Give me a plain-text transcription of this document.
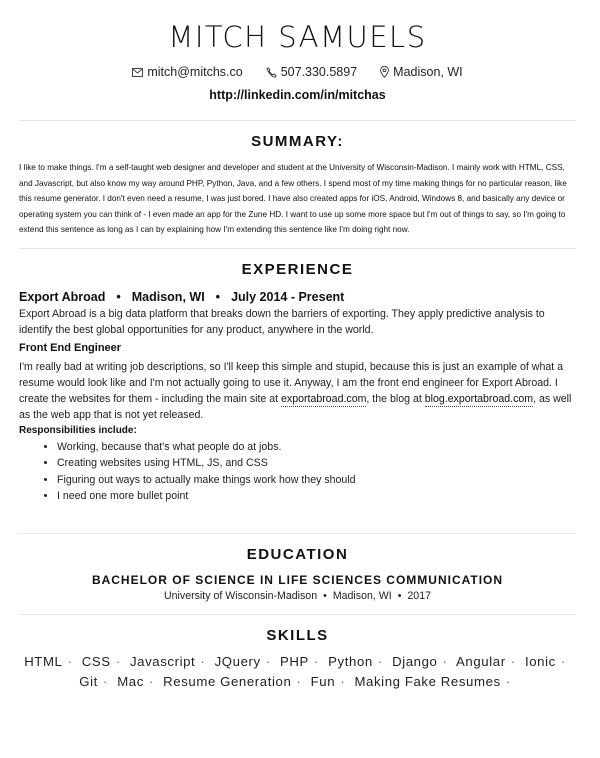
MITCH SAMUELS
mitch@mitchs.co	507.330.5897	Madison, WI
http://linkedin.com/in/mitchas
SUMMARY:

I like to make things. I'm a self-taught web designer and developer and student at the University of Wisconsin-Madison. I mainly work with HTML, CSS, and Javascript, but also know my way around PHP, Python, Java, and a few others. I spend most of my time making things for no particular reason, like this resume generator. I don't even need a resume, I was just bored. I have also created apps for iOS, Android, Windows 8, and basically any device or operating system you can think of - I even made an app for the Zune HD. I want to use up some more space but I'm out of things to say, so I'm going to extend this sentence as long as I can by explaining how I'm extending this sentence like I'm doing right now.

EXPERIENCE
Export Abroad • Madison, WI • July 2014 - Present

Export Abroad is a big data platform that breaks down the barriers of exporting. They apply predictive analysis to identify the best global opportunities for any product, anywhere in the world.

Front End Engineer

I'm really bad at writing job descriptions, so I'll keep this simple and stupid, because this is just an example of what a resume would look like and I'm not actually going to use it. Anyway, I am the front end engineer for Export Abroad. I create the websites for them - including the main site at exportabroad.com, the blog at blog.exportabroad.com, as well as the web app that is not yet released.

Responsibilities include:

• Working, because that's what people do at jobs.
• Creating websites using HTML, JS, and CSS
• Figuring out ways to actually make things work how they should
• I need one more bullet point
EDUCATION
BACHELOR OF SCIENCE IN LIFE SCIENCES COMMUNICATION
University of Wisconsin-Madison • Madison, WI • 2017
SKILLS
HTML · CSS · Javascript · JQuery · PHP · Python · Django · Angular · Ionic · Git · Mac · Resume Generation · Fun · Making Fake Resumes ·
